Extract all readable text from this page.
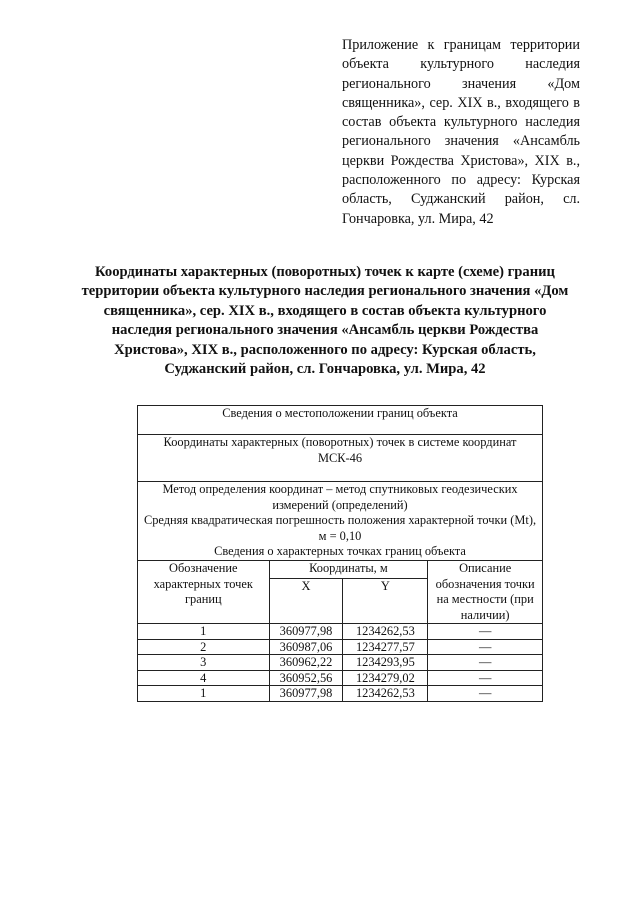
Приложение к границам территории объекта культурного наследия регионального значения «Дом священника», сер. XIX в., входящего в состав объекта культурного наследия регионального значения «Ансамбль церкви Рождества Христова», XIX в., расположенного по адресу: Курская область, Суджанский район, сл. Гончаровка, ул. Мира, 42
Координаты характерных (поворотных) точек к карте (схеме) границ территории объекта культурного наследия регионального значения «Дом священника», сер. XIX в., входящего в состав объекта культурного наследия регионального значения «Ансамбль церкви Рождества Христова», XIX в., расположенного по адресу: Курская область, Суджанский район, сл. Гончаровка, ул. Мира, 42
Сведения о местоположении границ объекта			
Координаты характерных (поворотных) точек в системе координат МСК-46			

Метод определения координат – метод спутниковых геодезических измерений (определений)
Средняя квадратическая погрешность положения характерной точки (Mt), м = 0,10
Сведения о характерных точках границ объекта			

Обозначение характерных точек границ	Координаты, м		Описание обозначения точки на местности (при наличии)
	X	Y	
1	360977,98	1234262,53	—
2	360987,06	1234277,57	—
3	360962,22	1234293,95	—
4	360952,56	1234279,02	—
1	360977,98	1234262,53	—
